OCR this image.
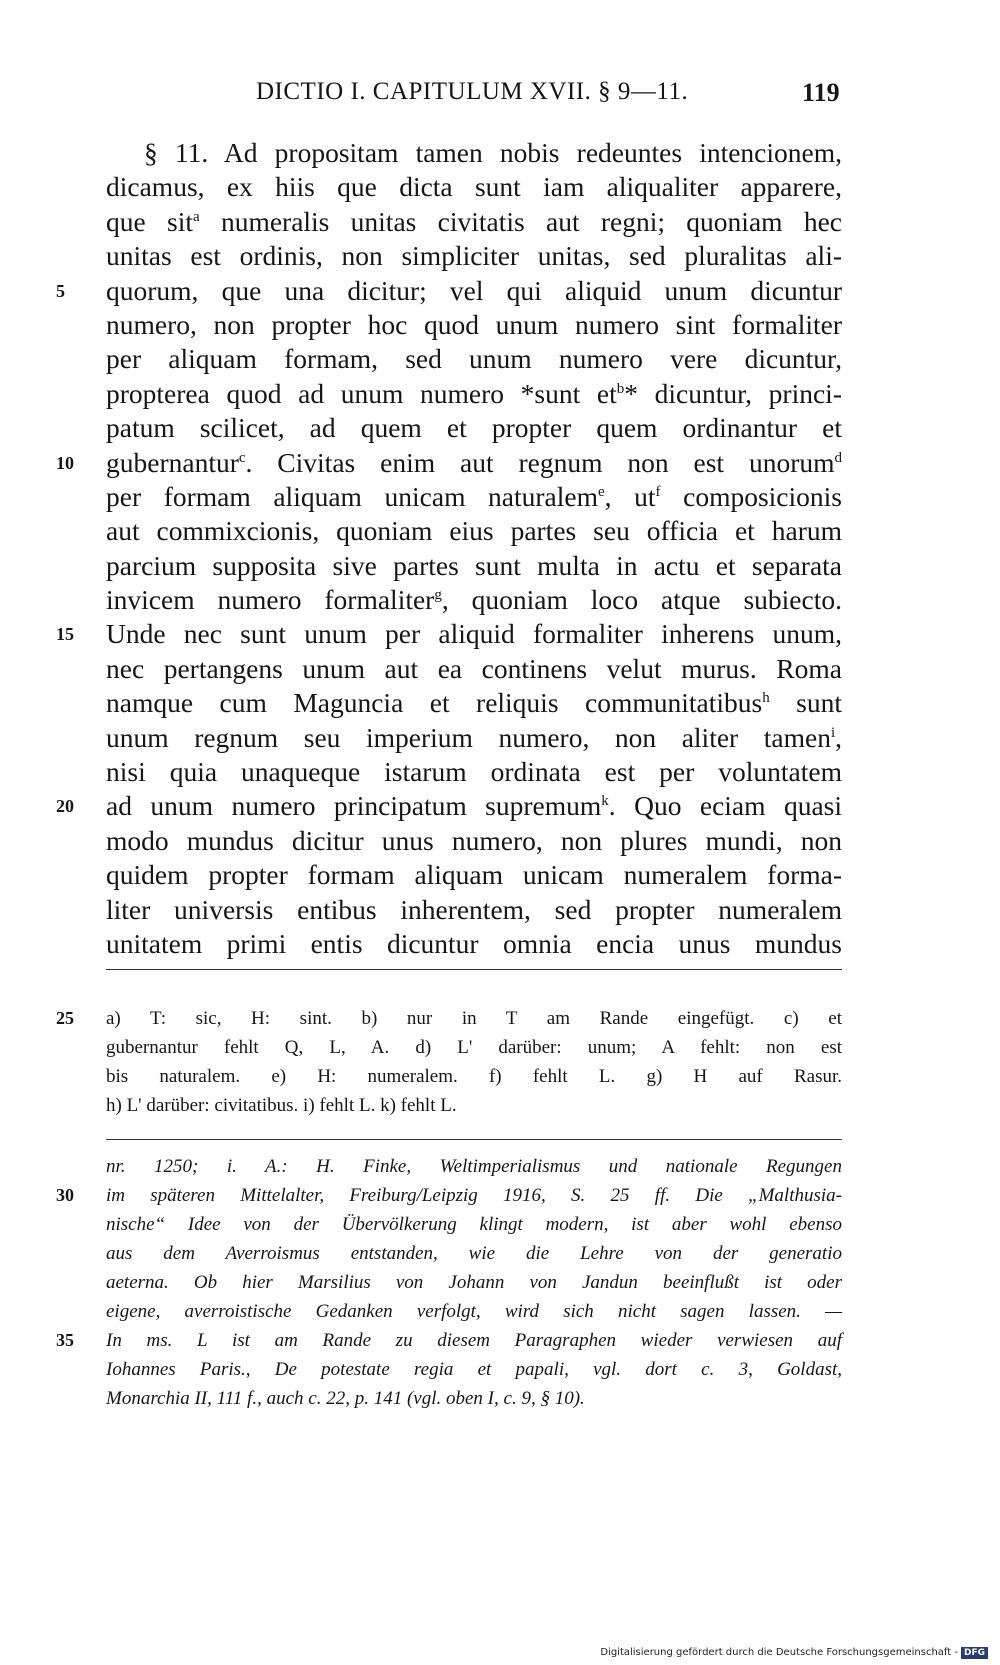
DICTIO I. CAPITULUM XVII. § 9—11.	119
§ 11. Ad propositam tamen nobis redeuntes intencionem,
dicamus, ex hiis que dicta sunt iam aliqualiter apparere,
que sit$^a$ numeralis unitas civitatis aut regni; quoniam hec
unitas est ordinis, non simpliciter unitas, sed pluralitas ali-
5	quorum, que una dicitur; vel qui aliquid unum dicuntur
numero, non propter hoc quod unum numero sint formaliter
per aliquam formam, sed unum numero vere dicuntur,
propterea quod ad unum numero *sunt $et^b*$ dicuntur, princi-
patum scilicet, ad quem et propter quem ordinantur et
10	gubernantur$^c$. Civitas enim aut regnum non est unorum$^d$
per formam aliquam unicam naturalem$^e$, $ut^f$ composicionis
aut commixcionis, quoniam eius partes seu officia et harum
parcium supposita sive partes sunt multa in actu et separata
invicem numero formaliter$^g$, quoniam loco atque subiecto.
15	Unde nec sunt unum per aliquid formaliter inherens unum,
nec pertangens unum aut ea continens velut murus. Roma
namque cum Maguncia et reliquis communitatibus$^h$ sunt
unum regnum seu imperium numero, non aliter tamen$^i$,
nisi quia unaqueque istarum ordinata est per voluntatem
20	ad unum numero principatum supremum$^k$. Quo eciam quasi
modo mundus dicitur unus numero, non plures mundi, non
quidem propter formam aliquam unicam numeralem forma-
liter universis entibus inherentem, sed propter numeralem
unitatem primi entis dicuntur omnia encia unus mundus
25	a) T: sic, H: sint. b) nur in T am Rande eingefügt. c) et
gubernantur fehlt Q, L, A. d) L' darüber: unum; A fehlt: non est
bis naturalem. e) H: numeralem. f) fehlt L. g) H auf Rasur.
h) L' darüber: civitatibus. i) fehlt L. k) fehlt L.
nr. 1250; i. A.: H. Finke, Weltimperialismus und nationale Regungen
30	im späteren Mittelalter, Freiburg/Leipzig 1916, S. 25 ff. Die „Malthusia-
nische“ Idee von der Übervölkerung klingt modern, ist aber wohl ebenso
aus dem Averroismus entstanden, wie die Lehre von der generatio
aeterna. Ob hier Marsilius von Johann von Jandun beeinflußt ist oder
eigene, averroistische Gedanken verfolgt, wird sich nicht sagen lassen. —
35	In ms. L ist am Rande zu diesem Paragraphen wieder verwiesen auf
Iohannes Paris., De potestate regia et papali, vgl. dort c. 3, Goldast,
Monarchia II, 111 f., auch c. 22, p. 141 (vgl. oben I, c. 9, § 10).
Digitalisierung gefördert durch die Deutsche Forschungsgemeinschaft - DFG
